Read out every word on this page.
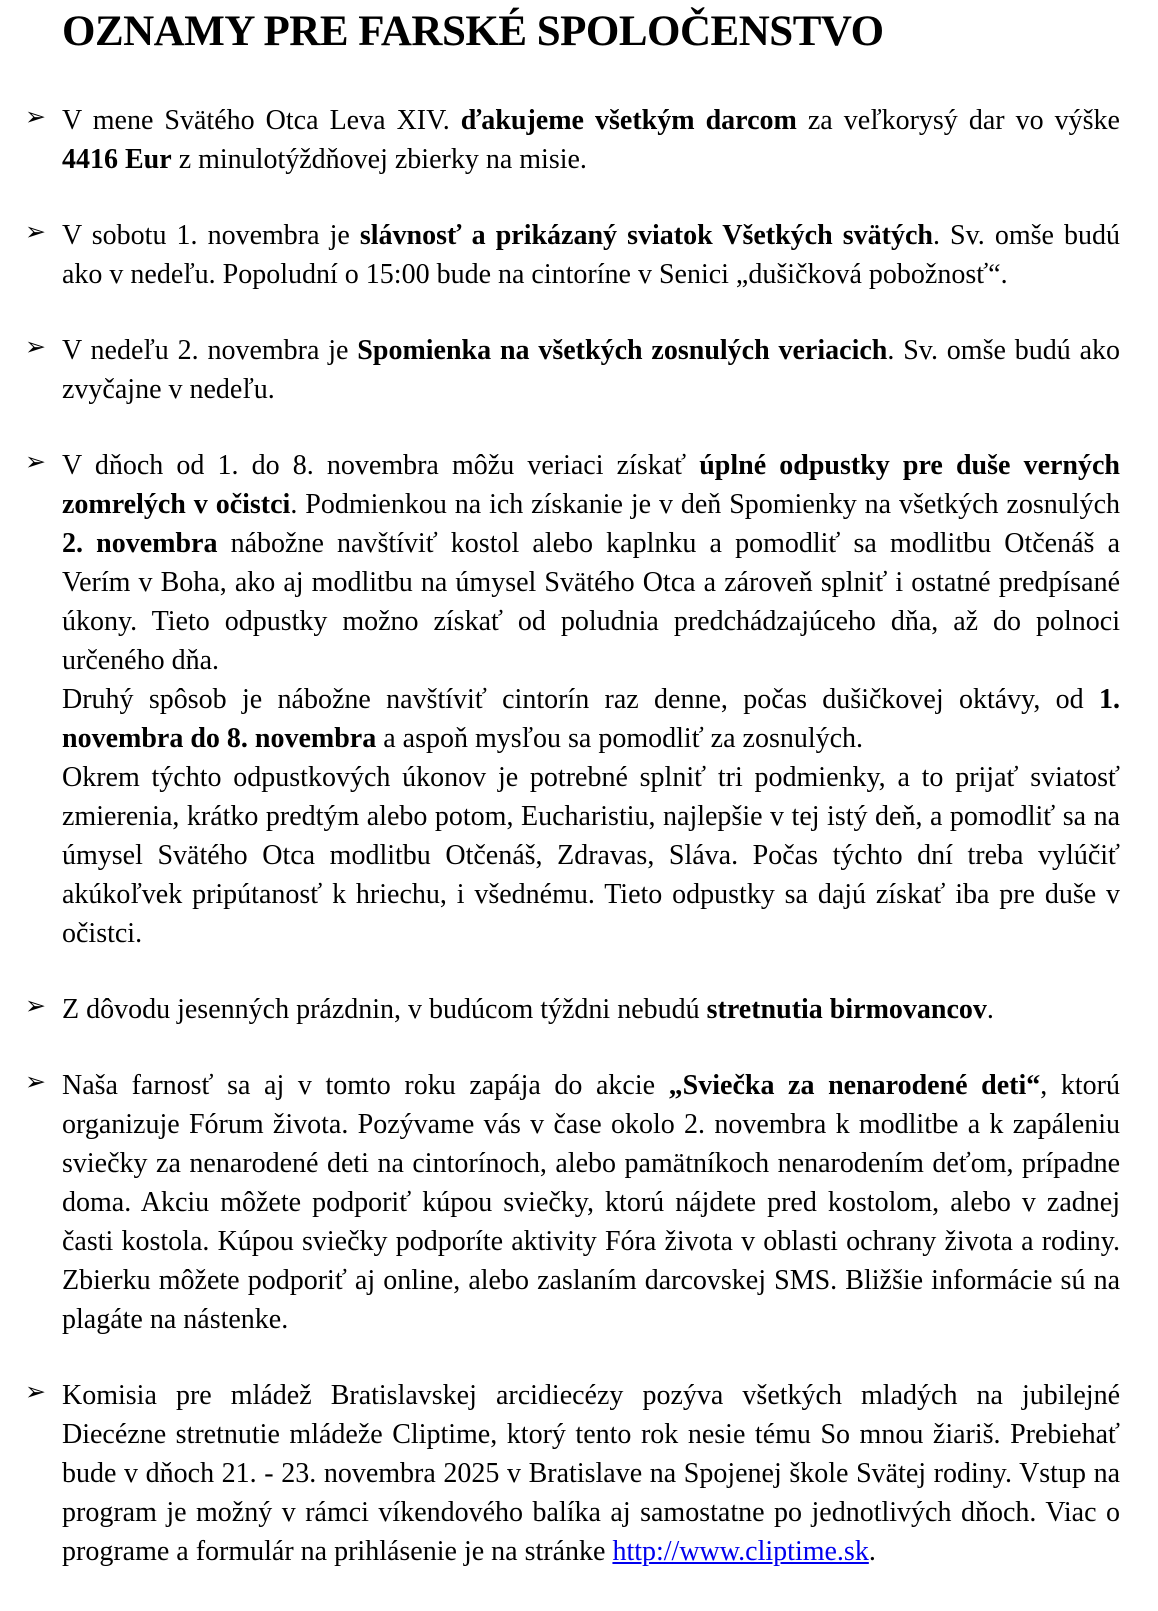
OZNAMY PRE FARSKÉ SPOLOČENSTVO
➢ V mene Svätého Otca Leva XIV. ďakujeme všetkým darcom za veľkorysý dar vo výške 4416 Eur z minulotýždňovej zbierky na misie.

➢ V sobotu 1. novembra je slávnosť a prikázaný sviatok Všetkých svätých. Sv. omše budú ako v nedeľu. Popoludní o 15:00 bude na cintoríne v Senici „dušičková pobožnosť“.

➢ V nedeľu 2. novembra je Spomienka na všetkých zosnulých veriacich. Sv. omše budú ako zvyčajne v nedeľu.

➢ V dňoch od 1. do 8. novembra môžu veriaci získať úplné odpustky pre duše verných zomrelých v očistci. Podmienkou na ich získanie je v deň Spomienky na všetkých zosnulých 2. novembra nábožne navštíviť kostol alebo kaplnku a pomodliť sa modlitbu Otčenáš a Verím v Boha, ako aj modlitbu na úmysel Svätého Otca a zároveň splniť i ostatné predpísané úkony. Tieto odpustky možno získať od poludnia predchádzajúceho dňa, až do polnoci určeného dňa.

Druhý spôsob je nábožne navštíviť cintorín raz denne, počas dušičkovej oktávy, od 1. novembra do 8. novembra a aspoň mysľou sa pomodliť za zosnulých.

Okrem týchto odpustkových úkonov je potrebné splniť tri podmienky, a to prijať sviatosť zmierenia, krátko predtým alebo potom, Eucharistiu, najlepšie v tej istý deň, a pomodliť sa na úmysel Svätého Otca modlitbu Otčenáš, Zdravas, Sláva. Počas týchto dní treba vylúčiť akúkoľvek pripútanosť k hriechu, i všednému. Tieto odpustky sa dajú získať iba pre duše v očistci.

➢ Z dôvodu jesenných prázdnin, v budúcom týždni nebudú stretnutia birmovancov.

➢ Naša farnosť sa aj v tomto roku zapája do akcie „Sviečka za nenarodené deti“, ktorú organizuje Fórum života. Pozývame vás v čase okolo 2. novembra k modlitbe a k zapáleniu sviečky za nenarodené deti na cintorínoch, alebo pamätníkoch nenarodením deťom, prípadne doma. Akciu môžete podporiť kúpou sviečky, ktorú nájdete pred kostolom, alebo v zadnej časti kostola. Kúpou sviečky podporíte aktivity Fóra života v oblasti ochrany života a rodiny. Zbierku môžete podporiť aj online, alebo zaslaním darcovskej SMS. Bližšie informácie sú na plagáte na nástenke.

➢ Komisia pre mládež Bratislavskej arcidiecézy pozýva všetkých mladých na jubilejné Diecézne stretnutie mládeže Cliptime, ktorý tento rok nesie tému So mnou žiariš. Prebiehať bude v dňoch 21. - 23. novembra 2025 v Bratislave na Spojenej škole Svätej rodiny. Vstup na program je možný v rámci víkendového balíka aj samostatne po jednotlivých dňoch. Viac o programe a formulár na prihlásenie je na stránke http://www.cliptime.sk.
